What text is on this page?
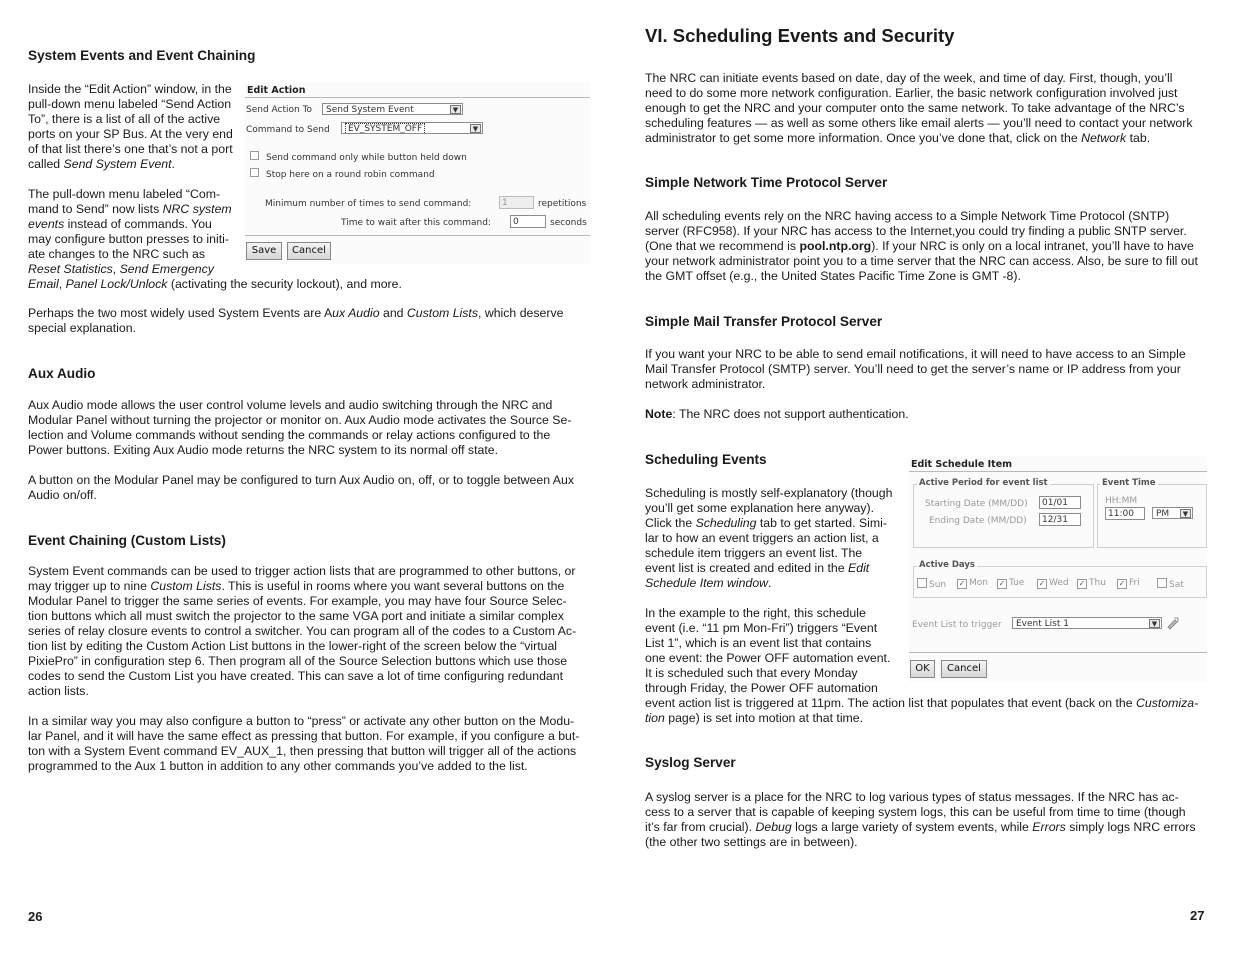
System Events and Event Chaining
Inside the “Edit Action” window, in the
pull-down menu labeled “Send Action
To”, there is a list of all of the active
ports on your SP Bus. At the very end
of that list there’s one that’s not a port
called Send System Event.
The pull-down menu labeled “Com-
mand to Send” now lists NRC system
events instead of commands. You
may configure button presses to initi-
ate changes to the NRC such as
Reset Statistics, Send Emergency
Email, Panel Lock/Unlock (activating the security lockout), and more.
Perhaps the two most widely used System Events are Aux Audio and Custom Lists, which deserve
special explanation.
Edit Action
Send Action To	Send System Event	▼
Command to Send	EV_SYSTEM_OFF	▼
Send command only while button held down
Stop here on a round robin command
Minimum number of times to send command:	1	repetitions
Time to wait after this command:	0	seconds
Save	Cancel
Aux Audio
Aux Audio mode allows the user control volume levels and audio switching through the NRC and
Modular Panel without turning the projector or monitor on. Aux Audio mode activates the Source Se-
lection and Volume commands without sending the commands or relay actions configured to the
Power buttons. Exiting Aux Audio mode returns the NRC system to its normal off state.
A button on the Modular Panel may be configured to turn Aux Audio on, off, or to toggle between Aux
Audio on/off.
Event Chaining (Custom Lists)
System Event commands can be used to trigger action lists that are programmed to other buttons, or
may trigger up to nine Custom Lists. This is useful in rooms where you want several buttons on the
Modular Panel to trigger the same series of events. For example, you may have four Source Selec-
tion buttons which all must switch the projector to the same VGA port and initiate a similar complex
series of relay closure events to control a switcher. You can program all of the codes to a Custom Ac-
tion list by editing the Custom Action List buttons in the lower-right of the screen below the “virtual
PixiePro” in configuration step 6. Then program all of the Source Selection buttons which use those
codes to send the Custom List you have created. This can save a lot of time configuring redundant
action lists.
In a similar way you may also configure a button to “press” or activate any other button on the Modu-
lar Panel, and it will have the same effect as pressing that button. For example, if you configure a but-
ton with a System Event command EV_AUX_1, then pressing that button will trigger all of the actions
programmed to the Aux 1 button in addition to any other commands you’ve added to the list.
26
VI. Scheduling Events and Security
The NRC can initiate events based on date, day of the week, and time of day. First, though, you’ll
need to do some more network configuration. Earlier, the basic network configuration involved just
enough to get the NRC and your computer onto the same network. To take advantage of the NRC’s
scheduling features — as well as some others like email alerts — you’ll need to contact your network
administrator to get some more information. Once you’ve done that, click on the Network tab.
Simple Network Time Protocol Server
All scheduling events rely on the NRC having access to a Simple Network Time Protocol (SNTP)
server (RFC958). If your NRC has access to the Internet,you could try finding a public SNTP server.
(One that we recommend is pool.ntp.org). If your NRC is only on a local intranet, you’ll have to have
your network administrator point you to a time server that the NRC can access. Also, be sure to fill out
the GMT offset (e.g., the United States Pacific Time Zone is GMT -8).
Simple Mail Transfer Protocol Server
If you want your NRC to be able to send email notifications, it will need to have access to an Simple
Mail Transfer Protocol (SMTP) server. You’ll need to get the server’s name or IP address from your
network administrator.
Note: The NRC does not support authentication.
Scheduling Events
Scheduling is mostly self-explanatory (though
you’ll get some explanation here anyway).
Click the Scheduling tab to get started. Simi-
lar to how an event triggers an action list, a
schedule item triggers an event list. The
event list is created and edited in the Edit
Schedule Item window.
In the example to the right, this schedule
event (i.e. “11 pm Mon-Fri”) triggers “Event
List 1”, which is an event list that contains
one event: the Power OFF automation event.
It is scheduled such that every Monday
through Friday, the Power OFF automation
event action list is triggered at 11pm. The action list that populates that event (back on the Customiza-
tion page) is set into motion at that time.
Edit Schedule Item
Active Period for event list
Starting Date (MM/DD)	01/01
Ending Date (MM/DD)	12/31
Event Time
HH:MM
11:00	PM	▼
Active Days
Sun ✓ Mon ✓ Tue ✓ Wed ✓ Thu ✓ Fri	Sat
Event List to trigger	Event List 1	▼
OK	Cancel
Syslog Server
A syslog server is a place for the NRC to log various types of status messages. If the NRC has ac-
cess to a server that is capable of keeping system logs, this can be useful from time to time (though
it’s far from crucial). Debug logs a large variety of system events, while Errors simply logs NRC errors
(the other two settings are in between).
27
